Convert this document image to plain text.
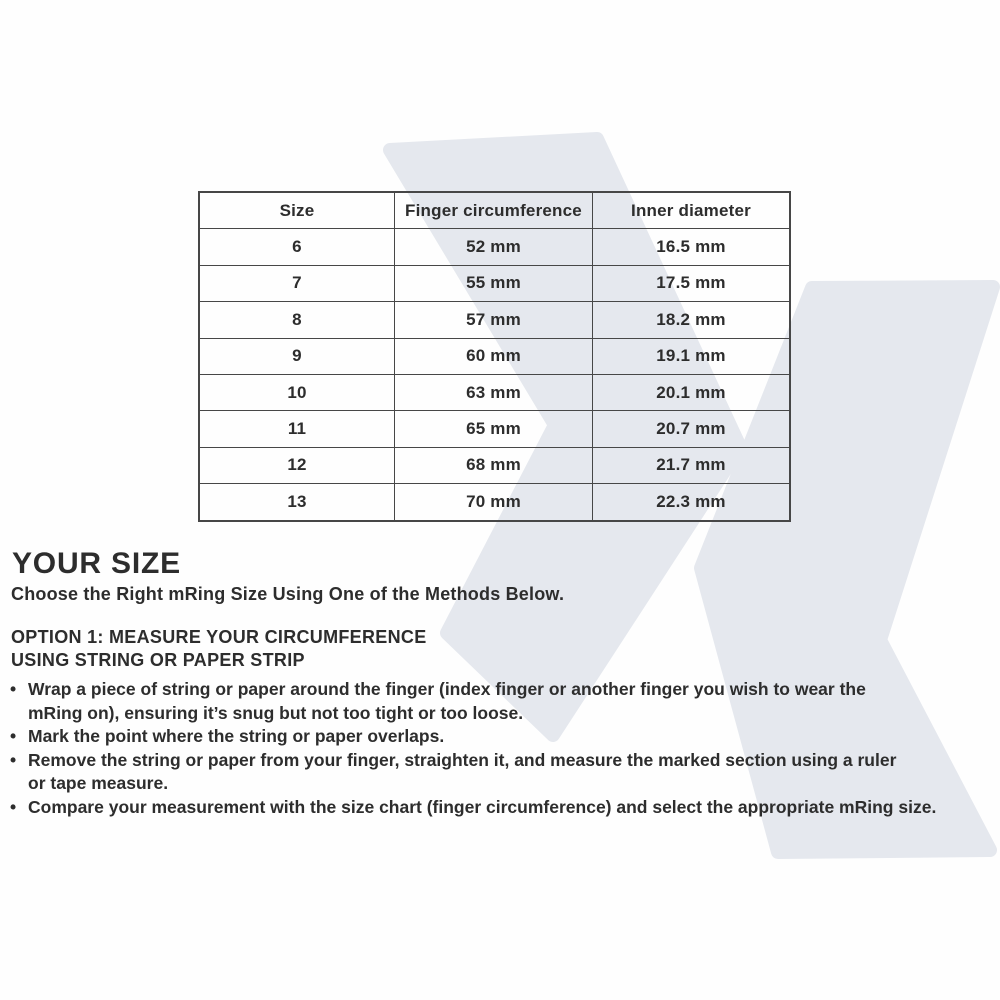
Size	Finger circumference	Inner diameter
6	52 mm	16.5 mm
7	55 mm	17.5 mm
8	57 mm	18.2 mm
9	60 mm	19.1 mm
10	63 mm	20.1 mm
11	65 mm	20.7 mm
12	68 mm	21.7 mm
13	70 mm	22.3 mm
YOUR SIZE

Choose the Right mRing Size Using One of the Methods Below.

OPTION 1: MEASURE YOUR CIRCUMFERENCE
USING STRING OR PAPER STRIP
• Wrap a piece of string or paper around the finger (index finger or another finger you wish to wear the
mRing on), ensuring it’s snug but not too tight or too loose.
• Mark the point where the string or paper overlaps.
• Remove the string or paper from your finger, straighten it, and measure the marked section using a ruler
or tape measure.
• Compare your measurement with the size chart (finger circumference) and select the appropriate mRing size.
